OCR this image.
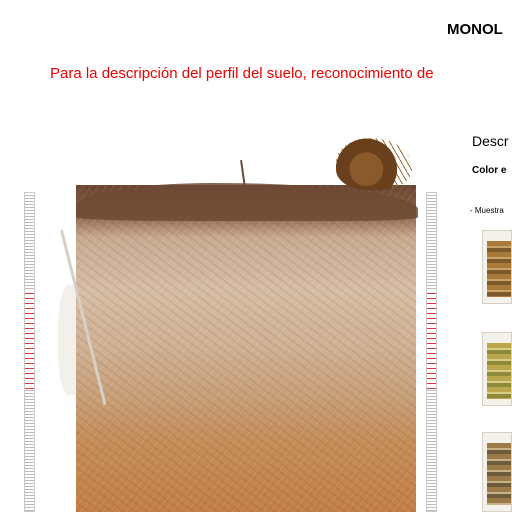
MONOL

Para la descripción del perfil del suelo, reconocimiento de

Descr
Color e
- Muestra
